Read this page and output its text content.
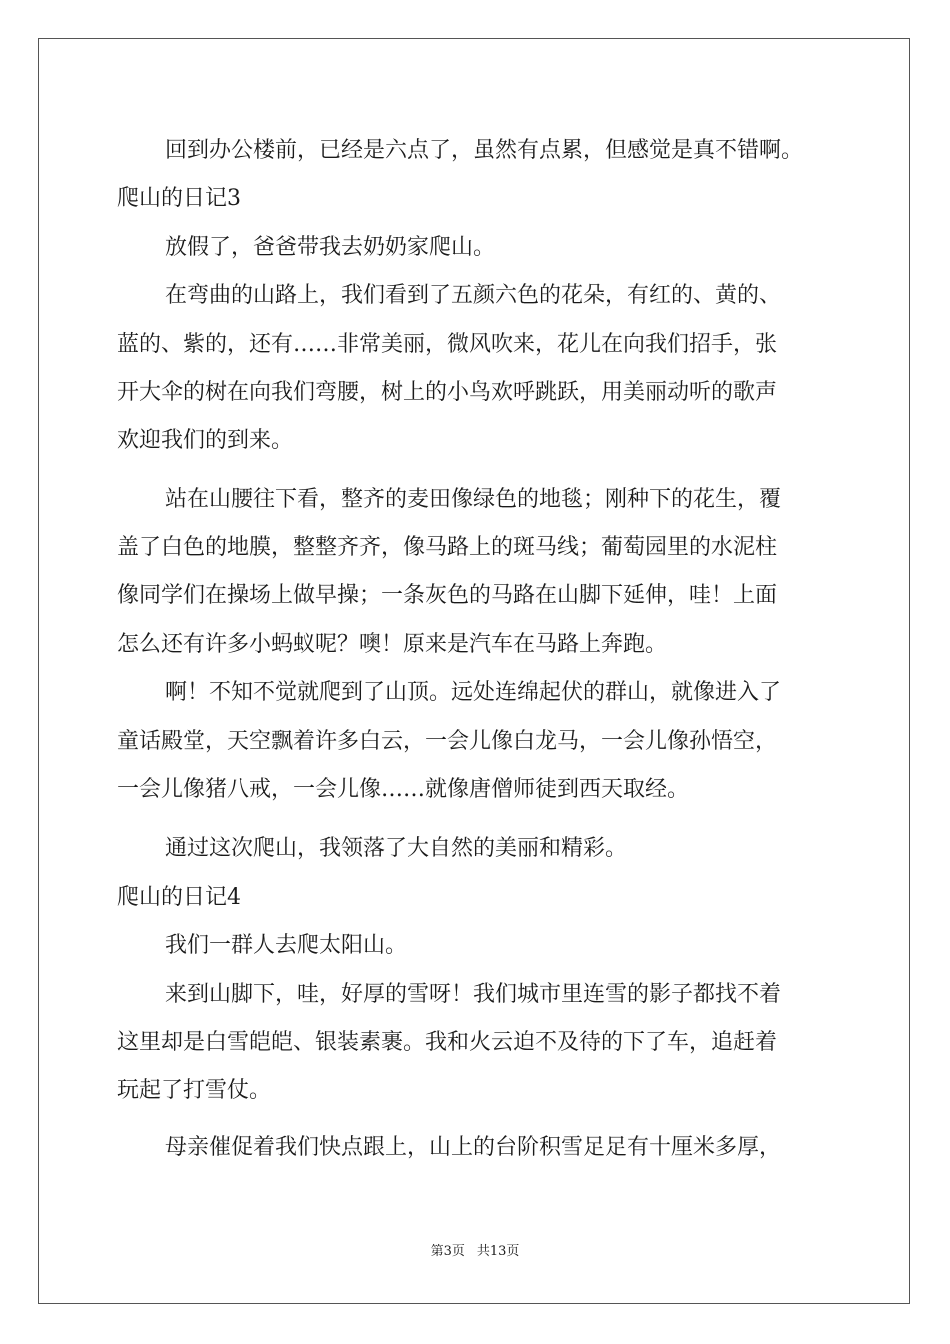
回到办公楼前，已经是六点了，虽然有点累，但感觉是真不错啊。
爬山的日记3
放假了，爸爸带我去奶奶家爬山。
在弯曲的山路上，我们看到了五颜六色的花朵，有红的、黄的、
蓝的、紫的，还有……非常美丽，微风吹来，花儿在向我们招手，张
开大伞的树在向我们弯腰，树上的小鸟欢呼跳跃，用美丽动听的歌声
欢迎我们的到来。
站在山腰往下看，整齐的麦田像绿色的地毯；刚种下的花生，覆
盖了白色的地膜，整整齐齐，像马路上的斑马线；葡萄园里的水泥柱
像同学们在操场上做早操；一条灰色的马路在山脚下延伸，哇！上面
怎么还有许多小蚂蚁呢？噢！原来是汽车在马路上奔跑。
啊！不知不觉就爬到了山顶。远处连绵起伏的群山，就像进入了
童话殿堂，天空飘着许多白云，一会儿像白龙马，一会儿像孙悟空，
一会儿像猪八戒，一会儿像……就像唐僧师徒到西天取经。
通过这次爬山，我领落了大自然的美丽和精彩。
爬山的日记4
我们一群人去爬太阳山。
来到山脚下，哇，好厚的雪呀！我们城市里连雪的影子都找不着
这里却是白雪皑皑、银装素裹。我和火云迫不及待的下了车，追赶着
玩起了打雪仗。
母亲催促着我们快点跟上，山上的台阶积雪足足有十厘米多厚，
第3页 共13页
